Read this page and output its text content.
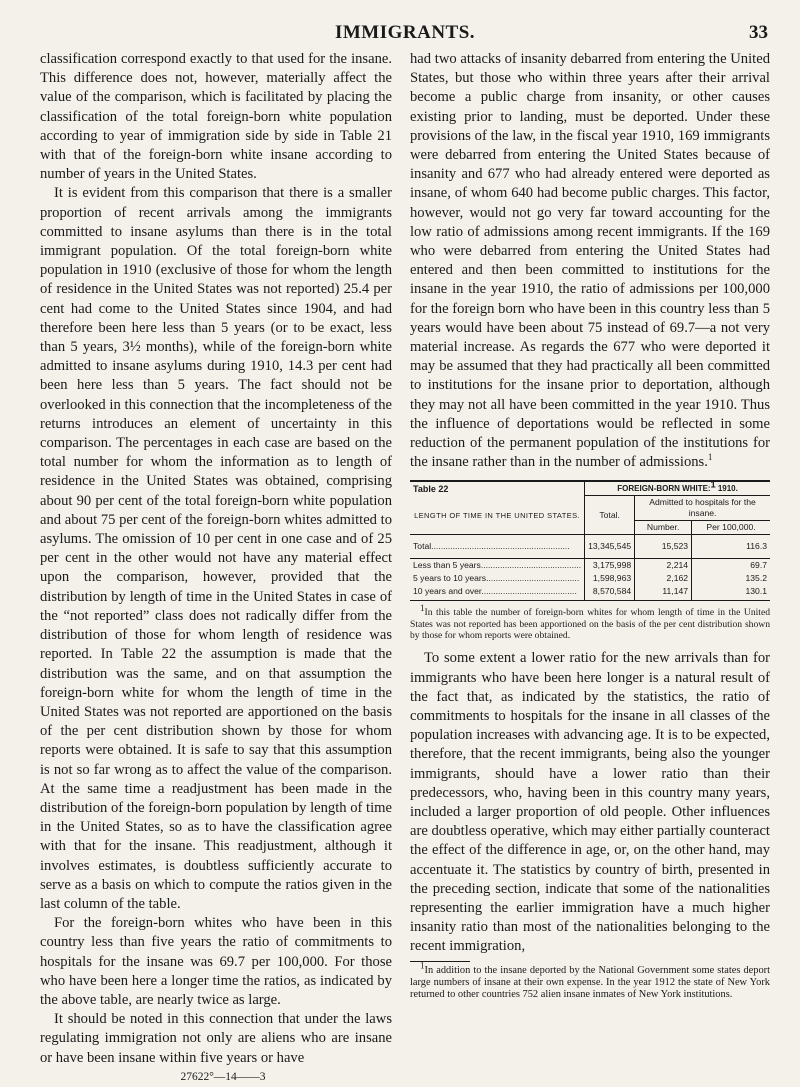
IMMIGRANTS.	33

classification correspond exactly to that used for the insane. This difference does not, however, materially affect the value of the comparison, which is facilitated by placing the classification of the total foreign-born white population according to year of immigration side by side in Table 21 with that of the foreign-born white insane according to number of years in the United States.

It is evident from this comparison that there is a smaller proportion of recent arrivals among the immigrants committed to insane asylums than there is in the total immigrant population. Of the total foreign-born white population in 1910 (exclusive of those for whom the length of residence in the United States was not reported) 25.4 per cent had come to the United States since 1904, and had therefore been here less than 5 years (or to be exact, less than 5 years, 3½ months), while of the foreign-born white admitted to insane asylums during 1910, 14.3 per cent had been here less than 5 years. The fact should not be overlooked in this connection that the incompleteness of the returns introduces an element of uncertainty in this comparison. The percentages in each case are based on the total number for whom the information as to length of residence in the United States was obtained, comprising about 90 per cent of the total foreign-born white population and about 75 per cent of the foreign-born whites admitted to asylums. The omission of 10 per cent in one case and of 25 per cent in the other would not have any material effect upon the comparison, however, provided that the distribution by length of time in the United States in case of the “not reported” class does not radically differ from the distribution of those for whom length of residence was reported. In Table 22 the assumption is made that the distribution was the same, and on that assumption the foreign-born white for whom the length of time in the United States was not reported are apportioned on the basis of the per cent distribution shown by those for whom reports were obtained. It is safe to say that this assumption is not so far wrong as to affect the value of the comparison. At the same time a readjustment has been made in the distribution of the foreign-born population by length of time in the United States, so as to have the classification agree with that for the insane. This readjustment, although it involves estimates, is doubtless sufficiently accurate to serve as a basis on which to compute the ratios given in the last column of the table.

For the foreign-born whites who have been in this country less than five years the ratio of commitments to hospitals for the insane was 69.7 per 100,000. For those who have been here a longer time the ratios, as indicated by the above table, are nearly twice as large.

It should be noted in this connection that under the laws regulating immigration not only are aliens who are insane or have been insane within five years or have

27622°—14——3

had two attacks of insanity debarred from entering the United States, but those who within three years after their arrival become a public charge from insanity, or other causes existing prior to landing, must be deported. Under these provisions of the law, in the fiscal year 1910, 169 immigrants were debarred from entering the United States because of insanity and 677 who had already entered were deported as insane, of whom 640 had become public charges. This factor, however, would not go very far toward accounting for the low ratio of admissions among recent immigrants. If the 169 who were debarred from entering the United States had entered and then been committed to institutions for the insane in the year 1910, the ratio of admissions per 100,000 for the foreign born who have been in this country less than 5 years would have been about 75 instead of 69.7—a not very material increase. As regards the 677 who were deported it may be assumed that they had practically all been committed to institutions for the insane prior to deportation, although they may not all have been committed in the year 1910. Thus the influence of deportations would be reflected in some reduction of the permanent population of the institutions for the insane rather than in the number of admissions.$^1$

Table 22	FOREIGN-BORN WHITE:$^1$ 1910.		
LENGTH OF TIME IN THE UNITED STATES.	Total.	Admitted to hospitals for the insane.	
		Number.	Per 100,000.
Total..........................................................	13,345,545	15,523	116.3
Less than 5 years..........................................	3,175,998	2,214	69.7
5 years to 10 years.......................................	1,598,963	2,162	135.2
10 years and over........................................	8,570,584	11,147	130.1

$^1$In this table the number of foreign-born whites for whom length of time in the United States was not reported has been apportioned on the basis of the per cent distribution shown by those for whom reports were obtained.

To some extent a lower ratio for the new arrivals than for immigrants who have been here longer is a natural result of the fact that, as indicated by the statistics, the ratio of commitments to hospitals for the insane in all classes of the population increases with advancing age. It is to be expected, therefore, that the recent immigrants, being also the younger immigrants, should have a lower ratio than their predecessors, who, having been in this country many years, included a larger proportion of old people. Other influences are doubtless operative, which may either partially counteract the effect of the difference in age, or, on the other hand, may accentuate it. The statistics by country of birth, presented in the preceding section, indicate that some of the nationalities representing the earlier immigration have a much higher insanity ratio than most of the nationalities belonging to the recent immigration,

$^1$In addition to the insane deported by the National Government some states deport large numbers of insane at their own expense. In the year 1912 the state of New York returned to other countries 752 alien insane inmates of New York institutions.
